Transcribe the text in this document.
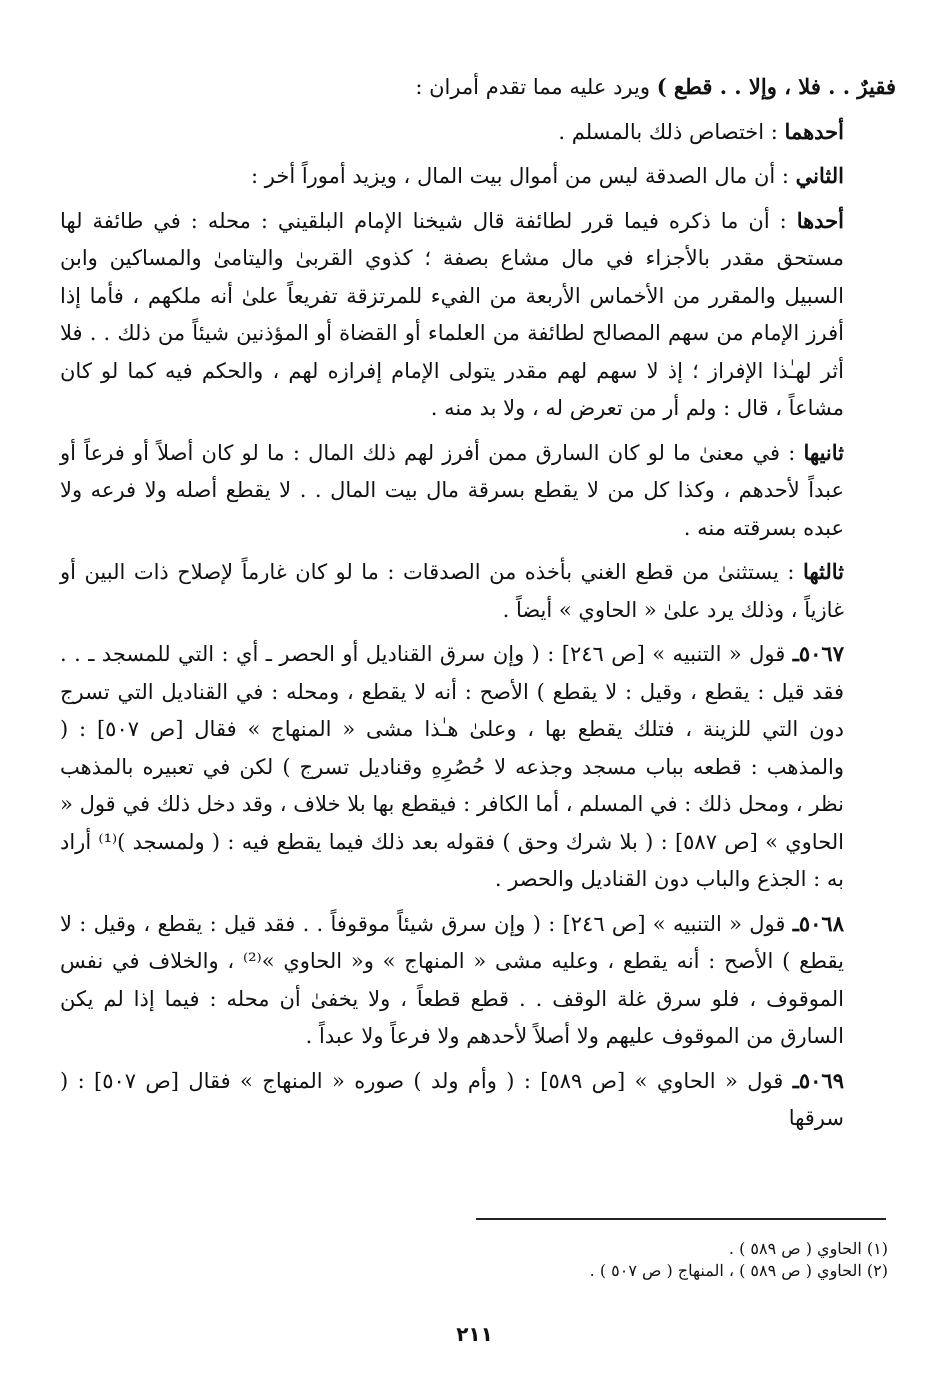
فقيرٌ . . فلا ، وإلا . . قطع ) ويرد عليه مما تقدم أمران :

أحدهما : اختصاص ذلك بالمسلم .

الثاني : أن مال الصدقة ليس من أموال بيت المال ، ويزيد أموراً أخر :

أحدها : أن ما ذكره فيما قرر لطائفة قال شيخنا الإمام البلقيني : محله : في طائفة لها مستحق مقدر بالأجزاء في مال مشاع بصفة ؛ كذوي القربىٰ واليتامىٰ والمساكين وابن السبيل والمقرر من الأخماس الأربعة من الفيء للمرتزقة تفريعاً علىٰ أنه ملكهم ، فأما إذا أفرز الإمام من سهم المصالح لطائفة من العلماء أو القضاة أو المؤذنين شيئاً من ذلك . . فلا أثر لهـٰذا الإفراز ؛ إذ لا سهم لهم مقدر يتولى الإمام إفرازه لهم ، والحكم فيه كما لو كان مشاعاً ، قال : ولم أر من تعرض له ، ولا بد منه .

ثانيها : في معنىٰ ما لو كان السارق ممن أفرز لهم ذلك المال : ما لو كان أصلاً أو فرعاً أو عبداً لأحدهم ، وكذا كل من لا يقطع بسرقة مال بيت المال . . لا يقطع أصله ولا فرعه ولا عبده بسرقته منه .

ثالثها : يستثنىٰ من قطع الغني بأخذه من الصدقات : ما لو كان غارماً لإصلاح ذات البين أو غازياً ، وذلك يرد علىٰ « الحاوي » أيضاً .

٥٠٦٧ـ قول « التنبيه » [ص ٢٤٦] : ( وإن سرق القناديل أو الحصر ـ أي : التي للمسجد ـ . . فقد قيل : يقطع ، وقيل : لا يقطع ) الأصح : أنه لا يقطع ، ومحله : في القناديل التي تسرج دون التي للزينة ، فتلك يقطع بها ، وعلىٰ هـٰذا مشى « المنهاج » فقال [ص ٥٠٧] : ( والمذهب : قطعه بباب مسجد وجذعه لا حُصُرِهِ وقناديل تسرج ) لكن في تعبيره بالمذهب نظر ، ومحل ذلك : في المسلم ، أما الكافر : فيقطع بها بلا خلاف ، وقد دخل ذلك في قول « الحاوي » [ص ٥٨٧] : ( بلا شرك وحق ) فقوله بعد ذلك فيما يقطع فيه : ( ولمسجد )⁽¹⁾ أراد به : الجذع والباب دون القناديل والحصر .

٥٠٦٨ـ قول « التنبيه » [ص ٢٤٦] : ( وإن سرق شيئاً موقوفاً . . فقد قيل : يقطع ، وقيل : لا يقطع ) الأصح : أنه يقطع ، وعليه مشى « المنهاج » و« الحاوي »⁽²⁾ ، والخلاف في نفس الموقوف ، فلو سرق غلة الوقف . . قطع قطعاً ، ولا يخفىٰ أن محله : فيما إذا لم يكن السارق من الموقوف عليهم ولا أصلاً لأحدهم ولا فرعاً ولا عبداً .

٥٠٦٩ـ قول « الحاوي » [ص ٥٨٩] : ( وأم ولد ) صوره « المنهاج » فقال [ص ٥٠٧] : ( سرقها

(١) الحاوي ( ص ٥٨٩ ) .
(٢) الحاوي ( ص ٥٨٩ ) ، المنهاج ( ص ٥٠٧ ) .
٢١١
